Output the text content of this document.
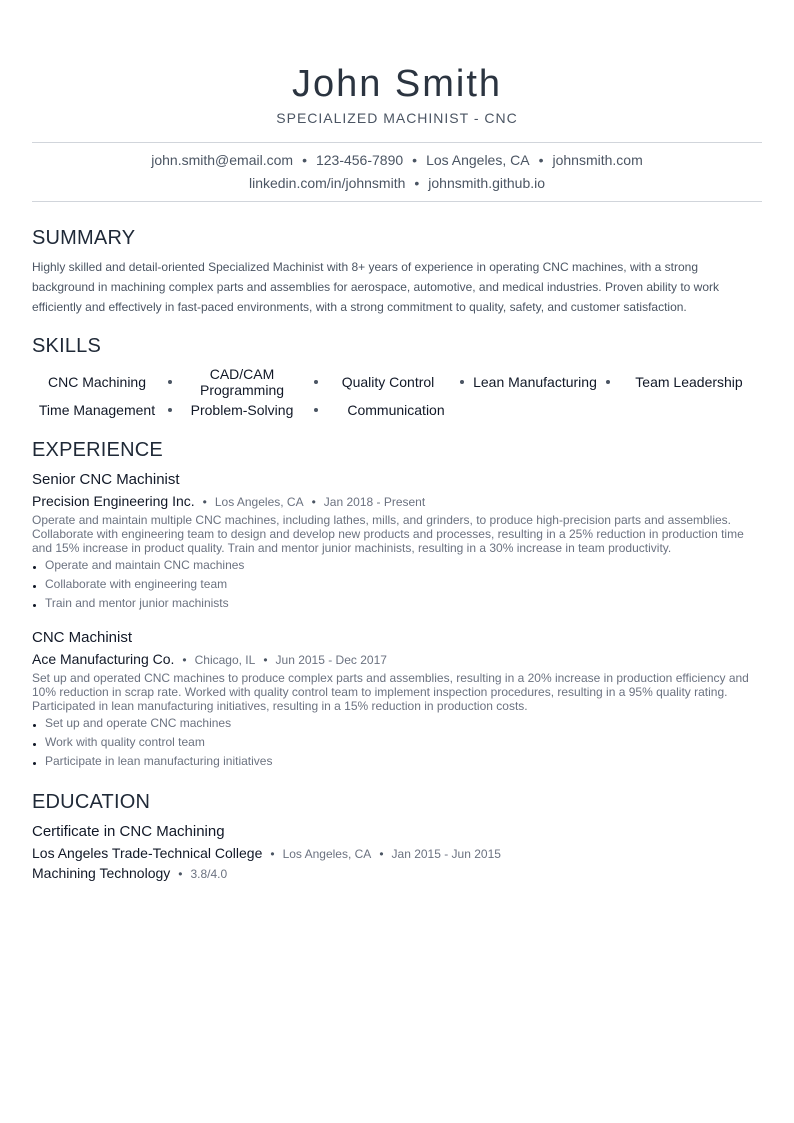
John Smith
SPECIALIZED MACHINIST - CNC
john.smith@email.com • 123-456-7890 • Los Angeles, CA • johnsmith.com
linkedin.com/in/johnsmith • johnsmith.github.io
SUMMARY

Highly skilled and detail-oriented Specialized Machinist with 8+ years of experience in operating CNC machines, with a strong background in machining complex parts and assemblies for aerospace, automotive, and medical industries. Proven ability to work efficiently and effectively in fast-paced environments, with a strong commitment to quality, safety, and customer satisfaction.

SKILLS
CNC Machining	CAD/CAM Programming	Quality Control	Lean Manufacturing	Team Leadership
Time Management	Problem-Solving	Communication
EXPERIENCE
Senior CNC Machinist
Precision Engineering Inc. • Los Angeles, CA • Jan 2018 - Present

Operate and maintain multiple CNC machines, including lathes, mills, and grinders, to produce high-precision parts and assemblies. Collaborate with engineering team to design and develop new products and processes, resulting in a 25% reduction in production time and 15% increase in product quality. Train and mentor junior machinists, resulting in a 30% increase in team productivity.

Operate and maintain CNC machines
Collaborate with engineering team
Train and mentor junior machinists
CNC Machinist
Ace Manufacturing Co. • Chicago, IL • Jun 2015 - Dec 2017

Set up and operated CNC machines to produce complex parts and assemblies, resulting in a 20% increase in production efficiency and 10% reduction in scrap rate. Worked with quality control team to implement inspection procedures, resulting in a 95% quality rating. Participated in lean manufacturing initiatives, resulting in a 15% reduction in production costs.

Set up and operate CNC machines
Work with quality control team
Participate in lean manufacturing initiatives
EDUCATION
Certificate in CNC Machining
Los Angeles Trade-Technical College • Los Angeles, CA • Jan 2015 - Jun 2015
Machining Technology • 3.8/4.0
